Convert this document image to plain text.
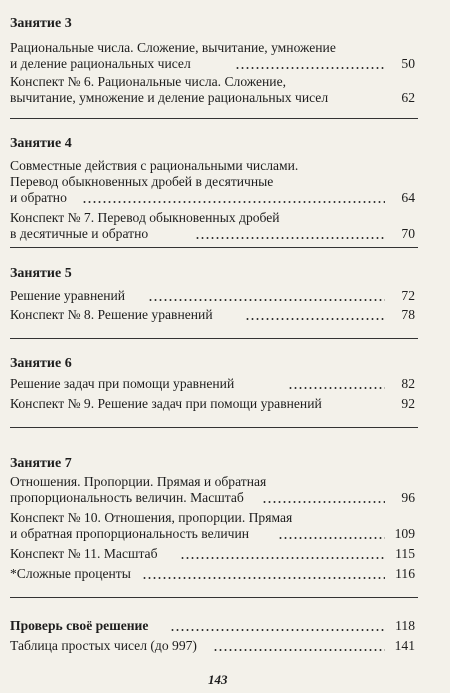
Занятие 3
Рациональные числа. Сложение, вычитание, умножение
и деление рациональных чисел	50
Конспект № 6. Рациональные числа. Сложение,
вычитание, умножение и деление рациональных чисел	62
Занятие 4
Совместные действия с рациональными числами.
Перевод обыкновенных дробей в десятичные
и обратно	64
Конспект № 7. Перевод обыкновенных дробей
в десятичные и обратно	70
Занятие 5
Решение уравнений	72
Конспект № 8. Решение уравнений	78
Занятие 6
Решение задач при помощи уравнений	82
Конспект № 9. Решение задач при помощи уравнений	92
Занятие 7
Отношения. Пропорции. Прямая и обратная
пропорциональность величин. Масштаб	96
Конспект № 10. Отношения, пропорции. Прямая
и обратная пропорциональность величин	109
Конспект № 11. Масштаб	115
*Сложные проценты	116
Проверь своё решение	118
Таблица простых чисел (до 997)	141
143
